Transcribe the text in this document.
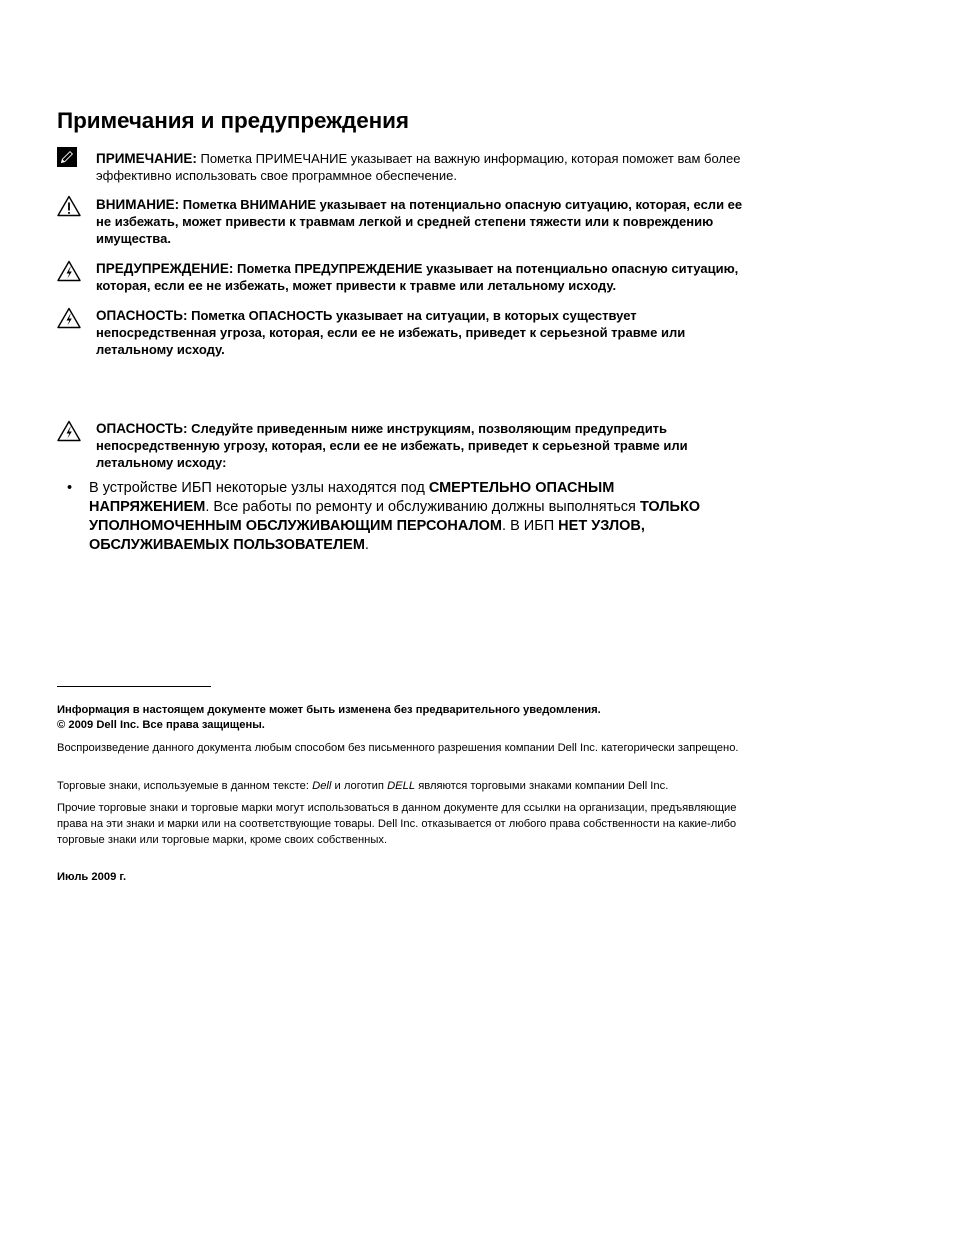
Примечания и предупреждения
ПРИМЕЧАНИЕ: Пометка ПРИМЕЧАНИЕ указывает на важную информацию, которая поможет вам более эффективно использовать свое программное обеспечение.
ВНИМАНИЕ: Пометка ВНИМАНИЕ указывает на потенциально опасную ситуацию, которая, если ее не избежать, может привести к травмам легкой и средней степени тяжести или к повреждению имущества.
ПРЕДУПРЕЖДЕНИЕ: Пометка ПРЕДУПРЕЖДЕНИЕ указывает на потенциально опасную ситуацию, которая, если ее не избежать, может привести к травме или летальному исходу.
ОПАСНОСТЬ: Пометка ОПАСНОСТЬ указывает на ситуации, в которых существует непосредственная угроза, которая, если ее не избежать, приведет к серьезной травме или летальному исходу.
ОПАСНОСТЬ: Следуйте приведенным ниже инструкциям, позволяющим предупредить непосредственную угрозу, которая, если ее не избежать, приведет к серьезной травме или летальному исходу:
• В устройстве ИБП некоторые узлы находятся под СМЕРТЕЛЬНО ОПАСНЫМ НАПРЯЖЕНИЕМ. Все работы по ремонту и обслуживанию должны выполняться ТОЛЬКО УПОЛНОМОЧЕННЫМ ОБСЛУЖИВАЮЩИМ ПЕРСОНАЛОМ. В ИБП НЕТ УЗЛОВ, ОБСЛУЖИВАЕМЫХ ПОЛЬЗОВАТЕЛЕМ.
Информация в настоящем документе может быть изменена без предварительного уведомления.
© 2009 Dell Inc. Все права защищены.
Воспроизведение данного документа любым способом без письменного разрешения компании Dell Inc. категорически запрещено.
Торговые знаки, используемые в данном тексте: Dell и логотип DELL являются торговыми знаками компании Dell Inc.
Прочие торговые знаки и торговые марки могут использоваться в данном документе для ссылки на организации, предъявляющие права на эти знаки и марки или на соответствующие товары. Dell Inc. отказывается от любого права собственности на какие-либо торговые знаки или торговые марки, кроме своих собственных.
Июль 2009 г.
